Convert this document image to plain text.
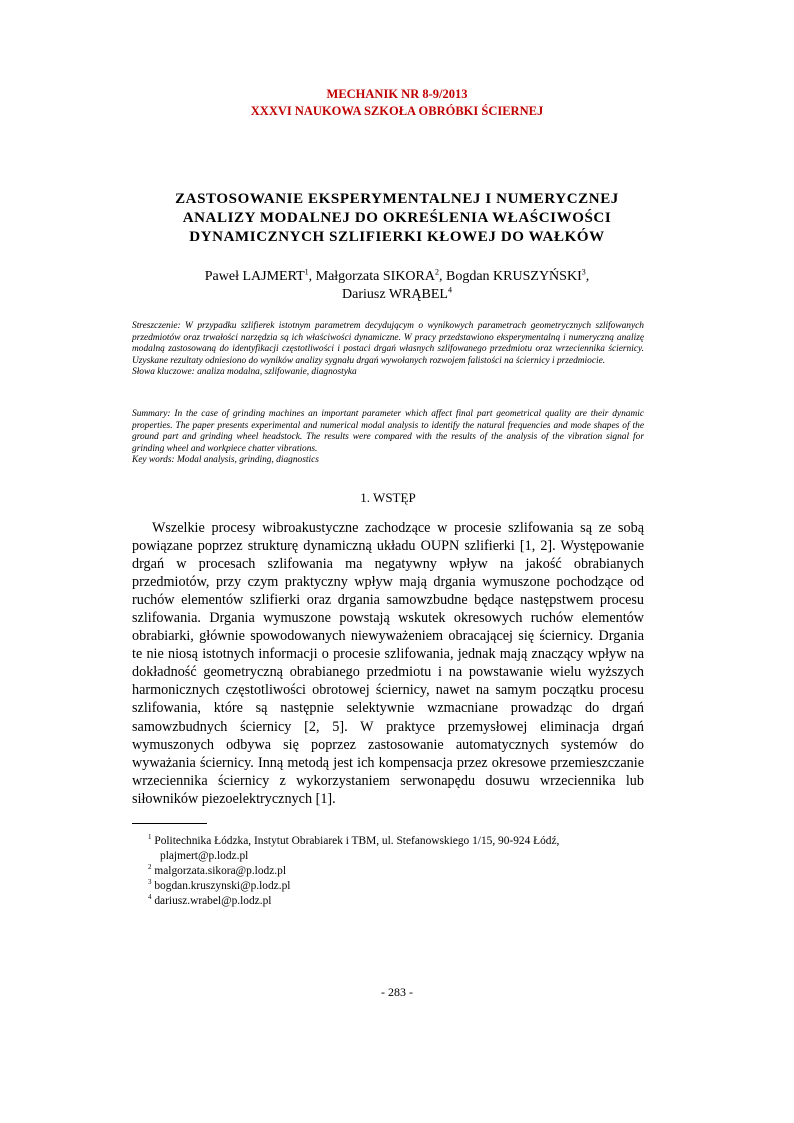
MECHANIK NR 8-9/2013
XXXVI NAUKOWA SZKOŁA OBRÓBKI ŚCIERNEJ
ZASTOSOWANIE EKSPERYMENTALNEJ I NUMERYCZNEJ
ANALIZY MODALNEJ DO OKREŚLENIA WŁAŚCIWOŚCI
DYNAMICZNYCH SZLIFIERKI KŁOWEJ DO WAŁKÓW
Paweł LAJMERT$^1$, Małgorzata SIKORA$^2$, Bogdan KRUSZYŃSKI$^3$,
Dariusz WRĄBEL$^4$

Streszczenie: W przypadku szlifierek istotnym parametrem decydującym o wynikowych parametrach geometrycznych szlifowanych przedmiotów oraz trwałości narzędzia są ich właściwości dynamiczne. W pracy przedstawiono eksperymentalną i numeryczną analizę modalną zastosowaną do identyfikacji częstotliwości i postaci drgań własnych szlifowanego przedmiotu oraz wrzeciennika ściernicy. Uzyskane rezultaty odniesiono do wyników analizy sygnału drgań wywołanych rozwojem falistości na ściernicy i przedmiocie.

Słowa kluczowe: analiza modalna, szlifowanie, diagnostyka

Summary: In the case of grinding machines an important parameter which affect final part geometrical quality are their dynamic properties. The paper presents experimental and numerical modal analysis to identify the natural frequencies and mode shapes of the ground part and grinding wheel headstock. The results were compared with the results of the analysis of the vibration signal for grinding wheel and workpiece chatter vibrations.

Key words: Modal analysis, grinding, diagnostics

1. WSTĘP

Wszelkie procesy wibroakustyczne zachodzące w procesie szlifowania są ze sobą powiązane poprzez strukturę dynamiczną układu OUPN szlifierki [1, 2]. Występowanie drgań w procesach szlifowania ma negatywny wpływ na jakość obrabianych przedmiotów, przy czym praktyczny wpływ mają drgania wymuszone pochodzące od ruchów elementów szlifierki oraz drgania samowzbudne będące następstwem procesu szlifowania. Drgania wymuszone powstają wskutek okresowych ruchów elementów obrabiarki, głównie spowodowanych niewyważeniem obracającej się ściernicy. Drgania te nie niosą istotnych informacji o procesie szlifowania, jednak mają znaczący wpływ na dokładność geometryczną obrabianego przedmiotu i na powstawanie wielu wyższych harmonicznych częstotliwości obrotowej ściernicy, nawet na samym początku procesu szlifowania, które są następnie selektywnie wzmacniane prowadząc do drgań samowzbudnych ściernicy [2, 5]. W praktyce przemysłowej eliminacja drgań wymuszonych odbywa się poprzez zastosowanie automatycznych systemów do wyważania ściernicy. Inną metodą jest ich kompensacja przez okresowe przemieszczanie wrzeciennika ściernicy z wykorzystaniem serwonapędu dosuwu wrzeciennika lub siłowników piezoelektrycznych [1].

$^1$ Politechnika Łódzka, Instytut Obrabiarek i TBM, ul. Stefanowskiego 1/15, 90-924 Łódź,

plajmert@p.lodz.pl

$^2$ malgorzata.sikora@p.lodz.pl

$^3$ bogdan.kruszynski@p.lodz.pl

$^4$ dariusz.wrabel@p.lodz.pl

- 283 -
